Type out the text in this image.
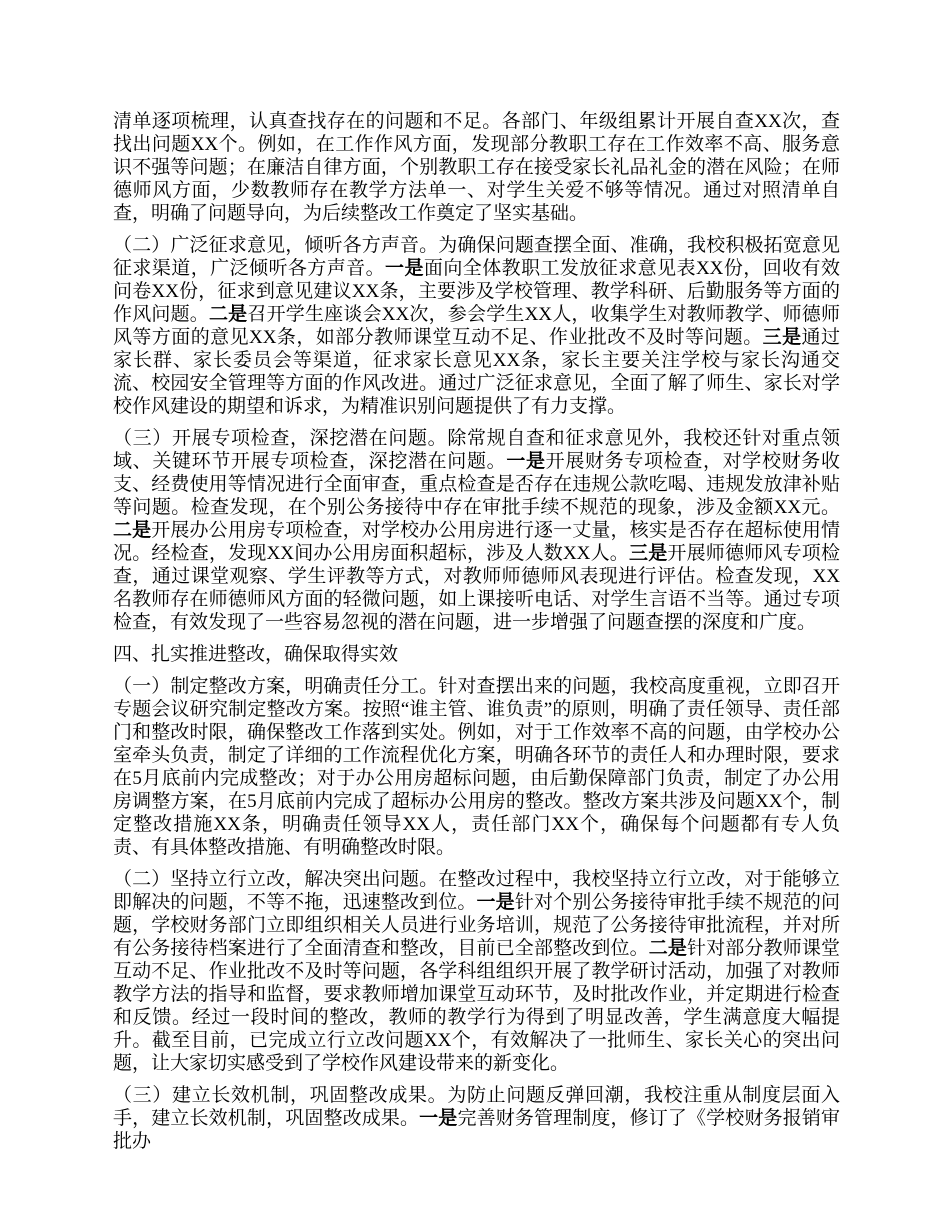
清单逐项梳理，认真查找存在的问题和不足。各部门、年级组累计开展自查XX次，查找出问题XX个。例如，在工作作风方面，发现部分教职工存在工作效率不高、服务意识不强等问题；在廉洁自律方面，个别教职工存在接受家长礼品礼金的潜在风险；在师德师风方面，少数教师存在教学方法单一、对学生关爱不够等情况。通过对照清单自查，明确了问题导向，为后续整改工作奠定了坚实基础。

（二）广泛征求意见，倾听各方声音。为确保问题查摆全面、准确，我校积极拓宽意见征求渠道，广泛倾听各方声音。一是面向全体教职工发放征求意见表XX份，回收有效问卷XX份，征求到意见建议XX条，主要涉及学校管理、教学科研、后勤服务等方面的作风问题。二是召开学生座谈会XX次，参会学生XX人，收集学生对教师教学、师德师风等方面的意见XX条，如部分教师课堂互动不足、作业批改不及时等问题。三是通过家长群、家长委员会等渠道，征求家长意见XX条，家长主要关注学校与家长沟通交流、校园安全管理等方面的作风改进。通过广泛征求意见，全面了解了师生、家长对学校作风建设的期望和诉求，为精准识别问题提供了有力支撑。

（三）开展专项检查，深挖潜在问题。除常规自查和征求意见外，我校还针对重点领域、关键环节开展专项检查，深挖潜在问题。一是开展财务专项检查，对学校财务收支、经费使用等情况进行全面审查，重点检查是否存在违规公款吃喝、违规发放津补贴等问题。检查发现，在个别公务接待中存在审批手续不规范的现象，涉及金额XX元。二是开展办公用房专项检查，对学校办公用房进行逐一丈量，核实是否存在超标使用情况。经检查，发现XX间办公用房面积超标，涉及人数XX人。三是开展师德师风专项检查，通过课堂观察、学生评教等方式，对教师师德师风表现进行评估。检查发现，XX名教师存在师德师风方面的轻微问题，如上课接听电话、对学生言语不当等。通过专项检查，有效发现了一些容易忽视的潜在问题，进一步增强了问题查摆的深度和广度。

四、扎实推进整改，确保取得实效

（一）制定整改方案，明确责任分工。针对查摆出来的问题，我校高度重视，立即召开专题会议研究制定整改方案。按照“谁主管、谁负责”的原则，明确了责任领导、责任部门和整改时限，确保整改工作落到实处。例如，对于工作效率不高的问题，由学校办公室牵头负责，制定了详细的工作流程优化方案，明确各环节的责任人和办理时限，要求在5月底前内完成整改；对于办公用房超标问题，由后勤保障部门负责，制定了办公用房调整方案，在5月底前内完成了超标办公用房的整改。整改方案共涉及问题XX个，制定整改措施XX条，明确责任领导XX人，责任部门XX个，确保每个问题都有专人负责、有具体整改措施、有明确整改时限。

（二）坚持立行立改，解决突出问题。在整改过程中，我校坚持立行立改，对于能够立即解决的问题，不等不拖，迅速整改到位。一是针对个别公务接待审批手续不规范的问题，学校财务部门立即组织相关人员进行业务培训，规范了公务接待审批流程，并对所有公务接待档案进行了全面清查和整改，目前已全部整改到位。二是针对部分教师课堂互动不足、作业批改不及时等问题，各学科组组织开展了教学研讨活动，加强了对教师教学方法的指导和监督，要求教师增加课堂互动环节，及时批改作业，并定期进行检查和反馈。经过一段时间的整改，教师的教学行为得到了明显改善，学生满意度大幅提升。截至目前，已完成立行立改问题XX个，有效解决了一批师生、家长关心的突出问题，让大家切实感受到了学校作风建设带来的新变化。

（三）建立长效机制，巩固整改成果。为防止问题反弹回潮，我校注重从制度层面入手，建立长效机制，巩固整改成果。一是完善财务管理制度，修订了《学校财务报销审批办
